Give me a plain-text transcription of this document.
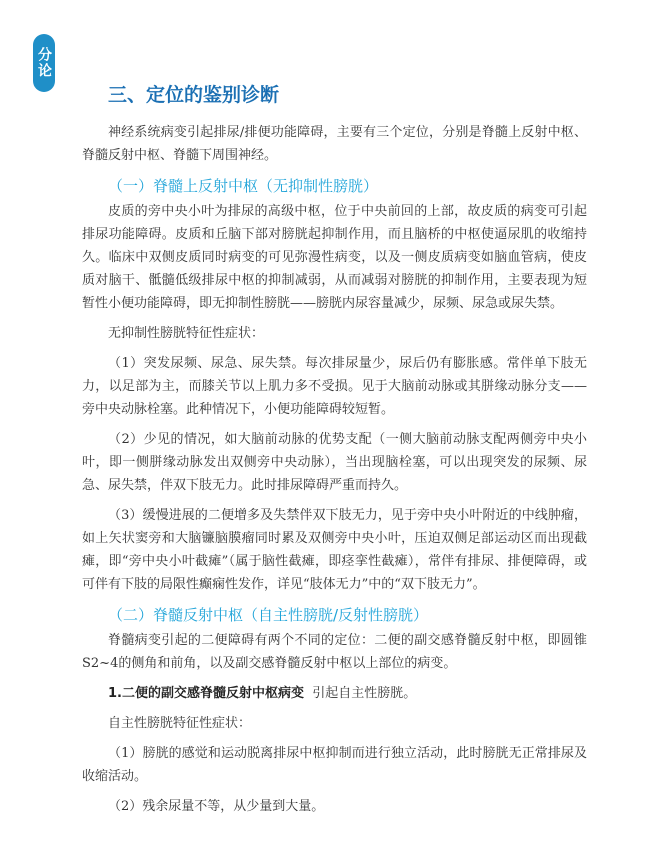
分论
三、定位的鉴别诊断

神经系统病变引起排尿/排便功能障碍，主要有三个定位，分别是脊髓上反射中枢、脊髓反射中枢、脊髓下周围神经。

（一）脊髓上反射中枢（无抑制性膀胱）

皮质的旁中央小叶为排尿的高级中枢，位于中央前回的上部，故皮质的病变可引起排尿功能障碍。皮质和丘脑下部对膀胱起抑制作用，而且脑桥的中枢使逼尿肌的收缩持久。临床中双侧皮质同时病变的可见弥漫性病变，以及一侧皮质病变如脑血管病，使皮质对脑干、骶髓低级排尿中枢的抑制减弱，从而减弱对膀胱的抑制作用，主要表现为短暂性小便功能障碍，即无抑制性膀胱——膀胱内尿容量减少，尿频、尿急或尿失禁。

无抑制性膀胱特征性症状：

（1）突发尿频、尿急、尿失禁。每次排尿量少，尿后仍有膨胀感。常伴单下肢无力，以足部为主，而膝关节以上肌力多不受损。见于大脑前动脉或其胼缘动脉分支——旁中央动脉栓塞。此种情况下，小便功能障碍较短暂。

（2）少见的情况，如大脑前动脉的优势支配（一侧大脑前动脉支配两侧旁中央小叶，即一侧胼缘动脉发出双侧旁中央动脉），当出现脑栓塞，可以出现突发的尿频、尿急、尿失禁，伴双下肢无力。此时排尿障碍严重而持久。

（3）缓慢进展的二便增多及失禁伴双下肢无力，见于旁中央小叶附近的中线肿瘤，如上矢状窦旁和大脑镰脑膜瘤同时累及双侧旁中央小叶，压迫双侧足部运动区而出现截瘫，即“旁中央小叶截瘫”（属于脑性截瘫，即痉挛性截瘫），常伴有排尿、排便障碍，或可伴有下肢的局限性癫痫性发作，详见“肢体无力”中的“双下肢无力”。

（二）脊髓反射中枢（自主性膀胱/反射性膀胱）

脊髓病变引起的二便障碍有两个不同的定位：二便的副交感脊髓反射中枢，即圆锥S2~4的侧角和前角，以及副交感脊髓反射中枢以上部位的病变。

1.二便的副交感脊髓反射中枢病变 引起自主性膀胱。

自主性膀胱特征性症状：

（1）膀胱的感觉和运动脱离排尿中枢抑制而进行独立活动，此时膀胱无正常排尿及收缩活动。

（2）残余尿量不等，从少量到大量。
